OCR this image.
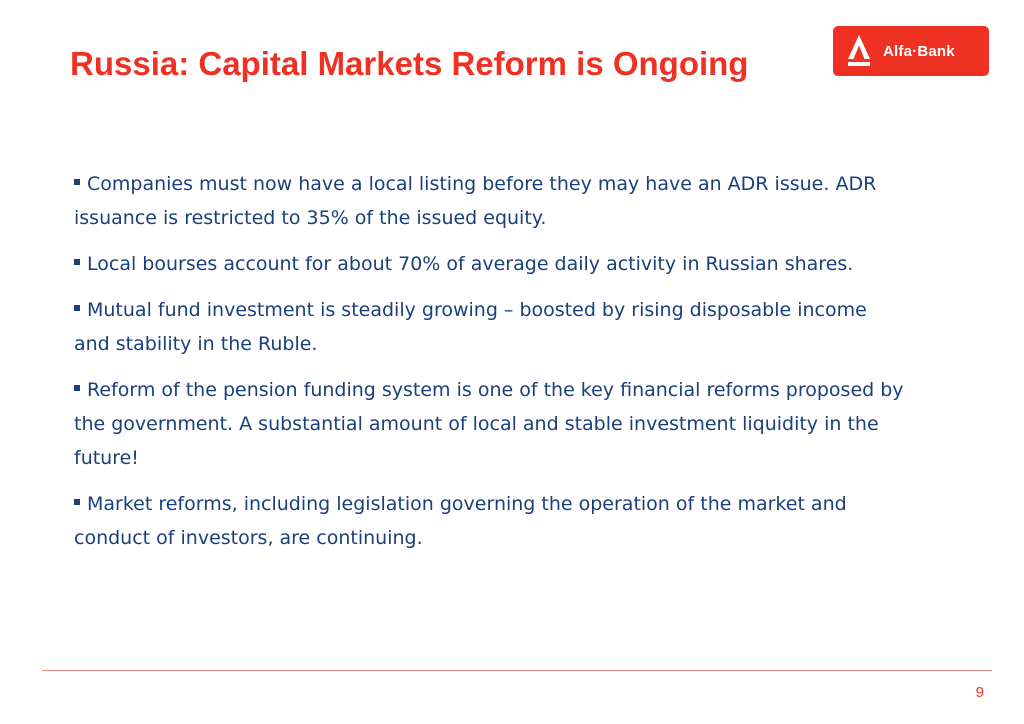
Russia: Capital Markets Reform is Ongoing	Alfa·Bank
Companies must now have a local listing before they may have an ADR issue. ADR issuance is restricted to 35% of the issued equity.
Local bourses account for about 70% of average daily activity in Russian shares.
Mutual fund investment is steadily growing – boosted by rising disposable income and stability in the Ruble.
Reform of the pension funding system is one of the key financial reforms proposed by the government. A substantial amount of local and stable investment liquidity in the future!
Market reforms, including legislation governing the operation of the market and conduct of investors, are continuing.
9
